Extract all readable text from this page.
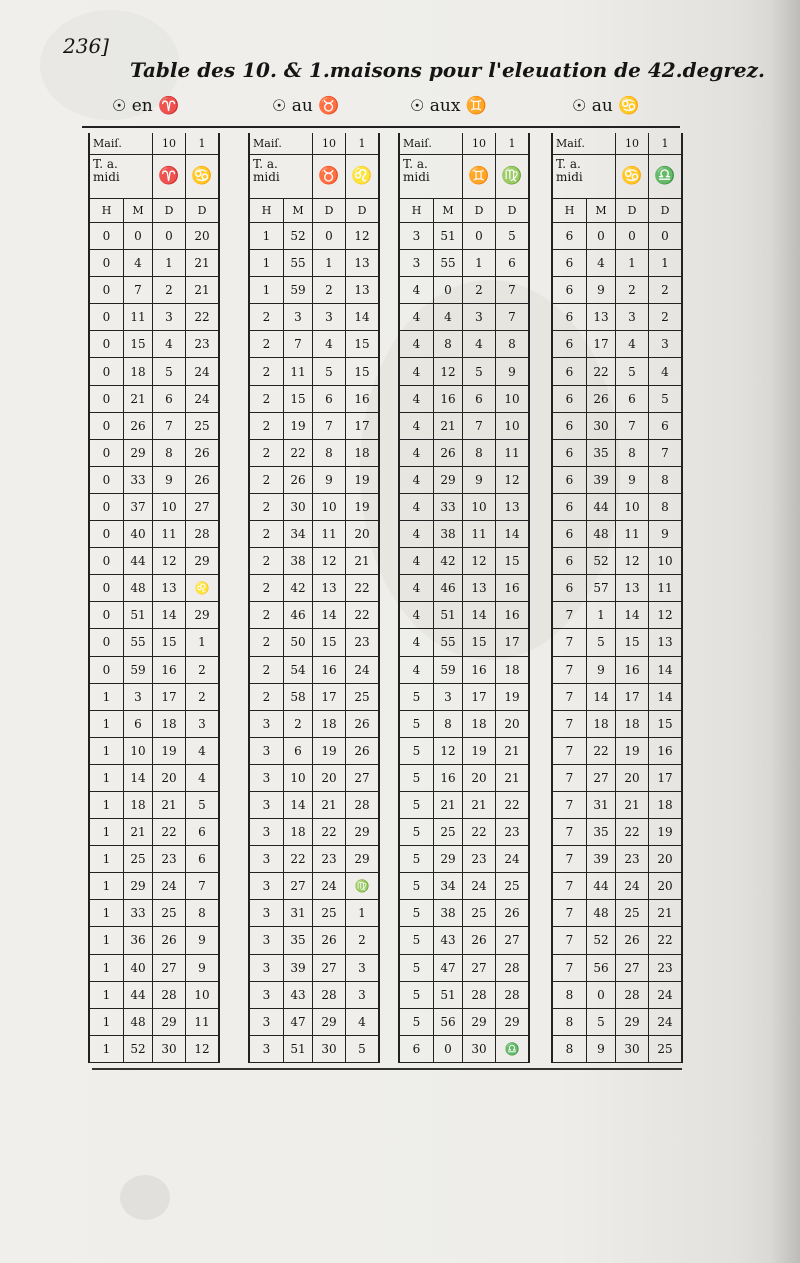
236]
Table des 10. & 1.maisons pour l'eleuation de 42.degrez.
☉ en ♈	☉ au ♉	☉ aux ♊	☉ au ♋
Maiſ.	10	1
T. a.
midi	♈ ♋
H	M	D	D
0	0	0	20
0	4	1	21
0	7	2	21
0	11	3	22
0	15	4	23
0	18	5	24
0	21	6	24
0	26	7	25
0	29	8	26
0	33	9	26
0	37	10	27
0	40	11	28
0	44	12	29
0	48	13	♌
0	51	14	29
0	55	15	1
0	59	16	2
1	3	17	2
1	6	18	3
1	10	19	4
1	14	20	4
1	18	21	5
1	21	22	6
1	25	23	6
1	29	24	7
1	33	25	8
1	36	26	9
1	40	27	9
1	44	28	10
1	48	29	11
1	52	30	12
Maiſ.	10	1
T. a.
midi	♉ ♌
H	M	D	D
1	52	0	12
1	55	1	13
1	59	2	13
2	3	3	14
2	7	4	15
2	11	5	15
2	15	6	16
2	19	7	17
2	22	8	18
2	26	9	19
2	30	10	19
2	34	11	20
2	38	12	21
2	42	13	22
2	46	14	22
2	50	15	23
2	54	16	24
2	58	17	25
3	2	18	26
3	6	19	26
3	10	20	27
3	14	21	28
3	18	22	29
3	22	23	29
3	27	24	♍
3	31	25	1
3	35	26	2
3	39	27	3
3	43	28	3
3	47	29	4
3	51	30	5
Maiſ.	10	1
T. a.
midi	♊ ♍
H	M	D	D
3	51	0	5
3	55	1	6
4	0	2	7
4	4	3	7
4	8	4	8
4	12	5	9
4	16	6	10
4	21	7	10
4	26	8	11
4	29	9	12
4	33	10	13
4	38	11	14
4	42	12	15
4	46	13	16
4	51	14	16
4	55	15	17
4	59	16	18
5	3	17	19
5	8	18	20
5	12	19	21
5	16	20	21
5	21	21	22
5	25	22	23
5	29	23	24
5	34	24	25
5	38	25	26
5	43	26	27
5	47	27	28
5	51	28	28
5	56	29	29
6	0	30	♎
Maiſ.	10	1
T. a.
midi	♋ ♎
H	M	D	D
6	0	0	0
6	4	1	1
6	9	2	2
6	13	3	2
6	17	4	3
6	22	5	4
6	26	6	5
6	30	7	6
6	35	8	7
6	39	9	8
6	44	10	8
6	48	11	9
6	52	12	10
6	57	13	11
7	1	14	12
7	5	15	13
7	9	16	14
7	14	17	14
7	18	18	15
7	22	19	16
7	27	20	17
7	31	21	18
7	35	22	19
7	39	23	20
7	44	24	20
7	48	25	21
7	52	26	22
7	56	27	23
8	0	28	24
8	5	29	24
8	9	30	25
